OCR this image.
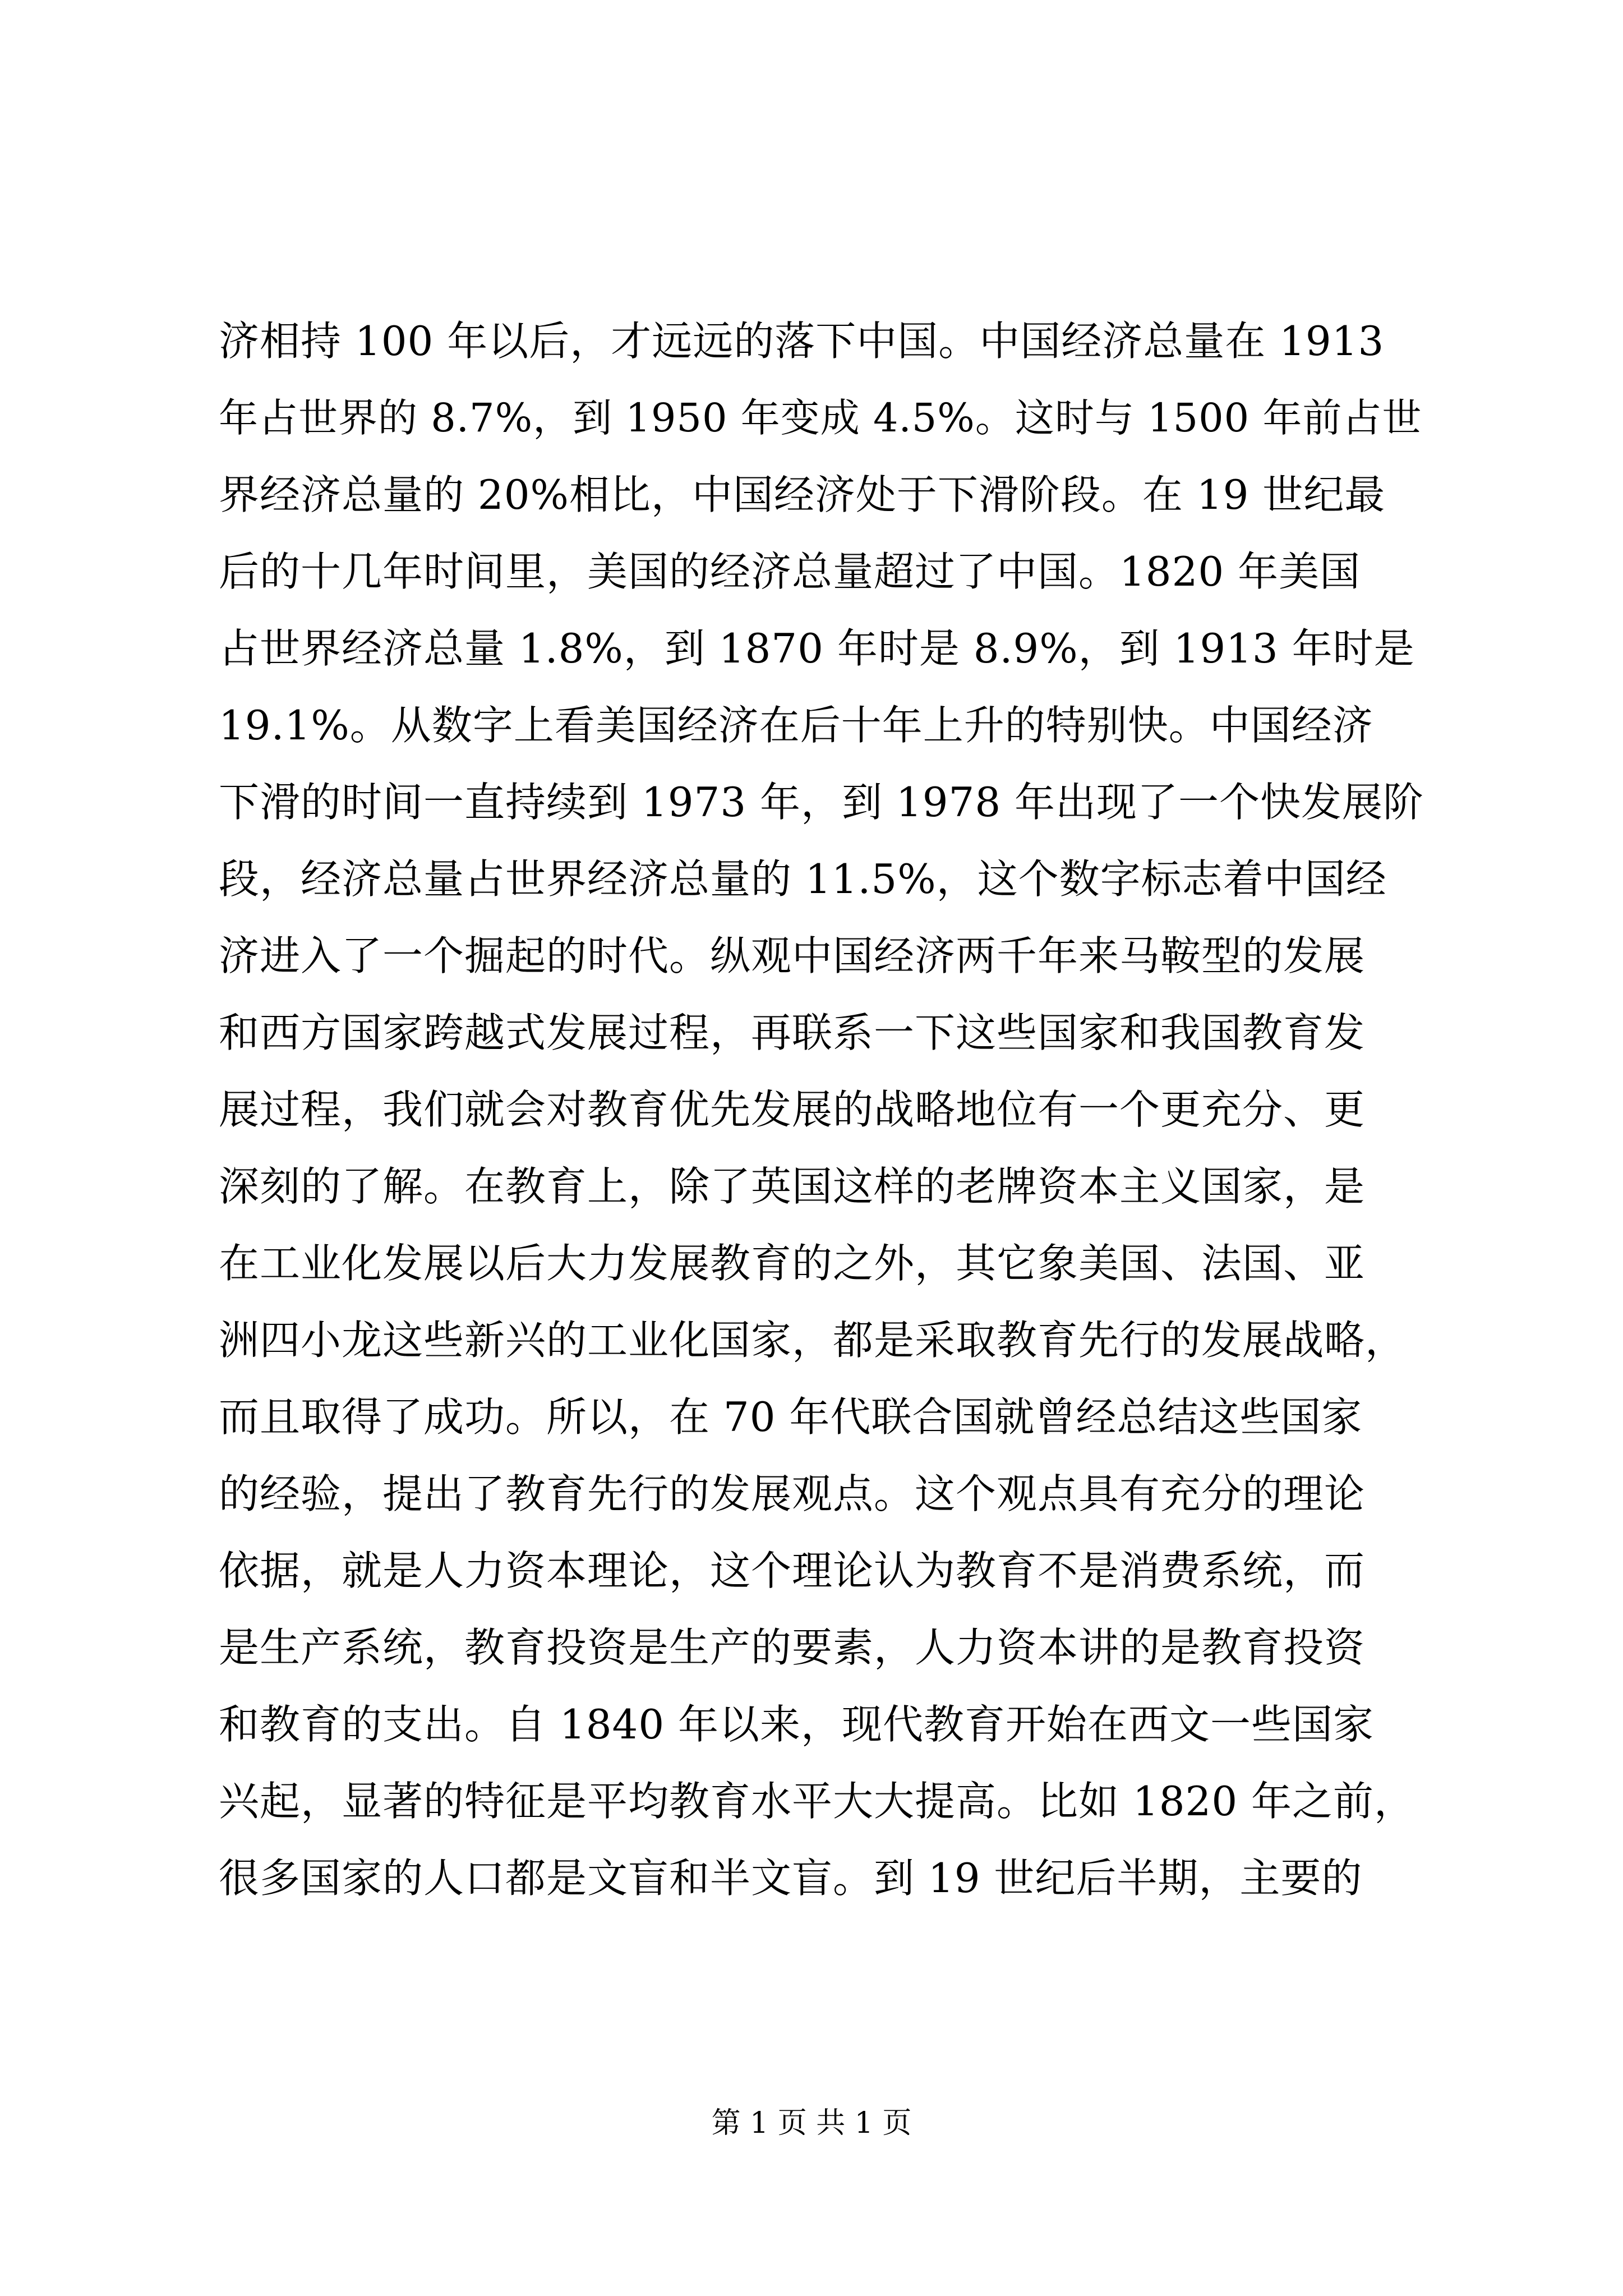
济相持 100 年以后，才远远的落下中国。中国经济总量在 1913
年占世界的 8.7%，到 1950 年变成 4.5%。这时与 1500 年前占世
界经济总量的 20%相比，中国经济处于下滑阶段。在 19 世纪最
后的十几年时间里，美国的经济总量超过了中国。1820 年美国
占世界经济总量 1.8%，到 1870 年时是 8.9%，到 1913 年时是
19.1%。从数字上看美国经济在后十年上升的特别快。中国经济
下滑的时间一直持续到 1973 年，到 1978 年出现了一个快发展阶
段，经济总量占世界经济总量的 11.5%，这个数字标志着中国经
济进入了一个掘起的时代。纵观中国经济两千年来马鞍型的发展
和西方国家跨越式发展过程，再联系一下这些国家和我国教育发
展过程，我们就会对教育优先发展的战略地位有一个更充分、更
深刻的了解。在教育上，除了英国这样的老牌资本主义国家，是
在工业化发展以后大力发展教育的之外，其它象美国、法国、亚
洲四小龙这些新兴的工业化国家，都是采取教育先行的发展战略，
而且取得了成功。所以，在 70 年代联合国就曾经总结这些国家
的经验，提出了教育先行的发展观点。这个观点具有充分的理论
依据，就是人力资本理论，这个理论认为教育不是消费系统，而
是生产系统，教育投资是生产的要素，人力资本讲的是教育投资
和教育的支出。自 1840 年以来，现代教育开始在西文一些国家
兴起，显著的特征是平均教育水平大大提高。比如 1820 年之前，
很多国家的人口都是文盲和半文盲。到 19 世纪后半期，主要的
第 1 页 共 1 页
